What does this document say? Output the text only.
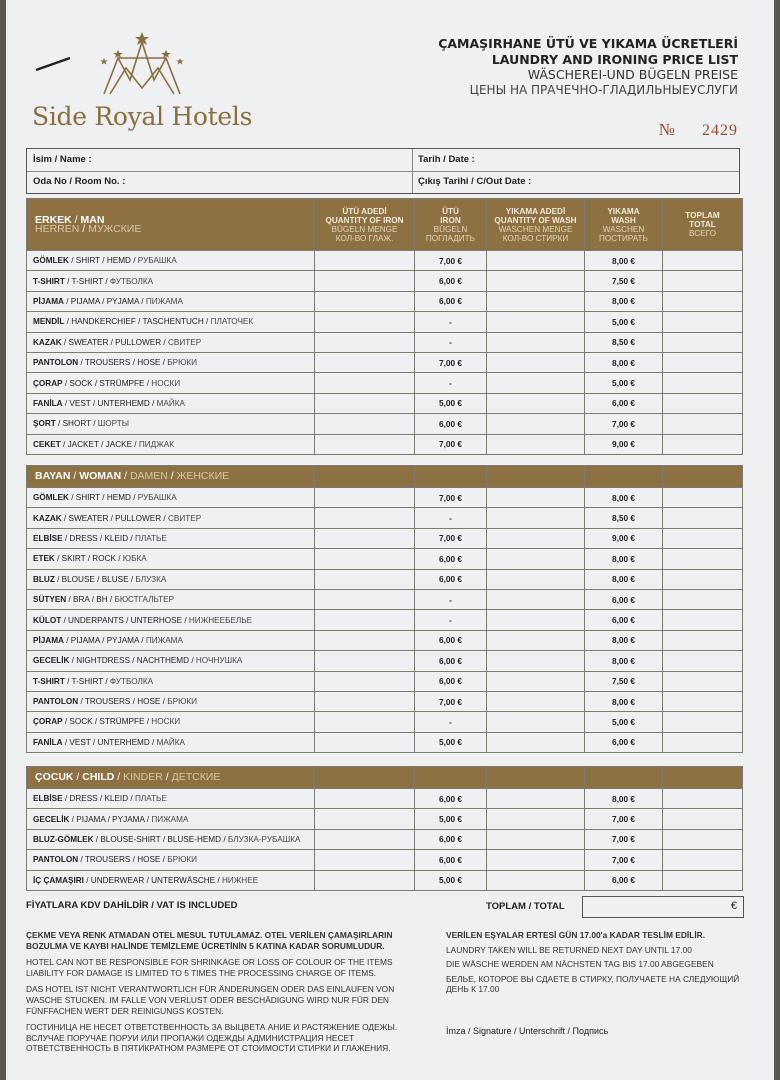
Side Royal Hotels
ÇAMAŞIRHANE ÜTÜ VE YIKAMA ÜCRETLERİ
LAUNDRY AND IRONING PRICE LIST
WÄSCHEREI-UND BÜGELN PREISE
ЦЕНЫ НА ПРАЧЕЧНО-ГЛАДИЛЬНЫЕУСЛУГИ
№ 2429
İsim / Name :	Tarih / Date :
Oda No / Room No. :	Çıkış Tarihi / C/Out Date :
ERKEK / MAN
HERREN / МУЖСКИЕ	ÜTÜ ADEDİ
QUANTITY OF IRON
BÜGELN MENGE
КОЛ-ВО ГЛАЖ.	ÜTÜ
IRON
BÜGELN
ПОГЛАДИТЬ	YIKAMA ADEDİ
QUANTITY OF WASH
WASCHEN MENGE
КОЛ-ВО СТИРКИ	YIKAMA
WASH
WASCHEN
ПОСТИРАТЬ	TOPLAM
TOTAL
ВСЕГО
GÖMLEK / SHIRT / HEMD / РУБАШКА		7,00 €		8,00 €	
T-SHIRT / T-SHIRT / ФУТБОЛКА		6,00 €		7,50 €	
PİJAMA / PIJAMA / PYJAMA / ПИЖАМА		6,00 €		8,00 €	
MENDİL / HANDKERCHIEF / TASCHENTUCH / ПЛАТОЧЕК		-		5,00 €	
KAZAK / SWEATER / PULLOWER / СВИТЕР		-		8,50 €	
PANTOLON / TROUSERS / HOSE / БРЮКИ		7,00 €		8,00 €	
ÇORAP / SOCK / STRÜMPFE / НОСКИ		-		5,00 €	
FANİLA / VEST / UNTERHEMD / МАЙКА		5,00 €		6,00 €	
ŞORT / SHORT / ШОРТЫ		6,00 €		7,00 €	
CEKET / JACKET / JACKE / ПИДЖАК		7,00 €		9,00 €	
BAYAN / WOMAN / DAMEN / ЖЕНСКИЕ					
GÖMLEK / SHIRT / HEMD / РУБАШКА		7,00 €		8,00 €	
KAZAK / SWEATER / PULLOWER / СВИТЕР		-		8,50 €	
ELBİSE / DRESS / KLEID / ПЛАТЬЕ		7,00 €		9,00 €	
ETEK / SKIRT / ROCK / ЮБКА		6,00 €		8,00 €	
BLUZ / BLOUSE / BLUSE / БЛУЗКА		6,00 €		8,00 €	
SÜTYEN / BRA / BH / БЮСТГАЛЬТЕР		-		6,00 €	
KÜLOT / UNDERPANTS / UNTERHOSE / НИЖНЕЕБЕЛЬЕ		-		6,00 €	
PİJAMA / PIJAMA / PYJAMA / ПИЖАМА		6,00 €		8,00 €	
GECELİK / NIGHTDRESS / NACHTHEMD / НОЧНУШКА		6,00 €		8,00 €	
T-SHIRT / T-SHIRT / ФУТБОЛКА		6,00 €		7,50 €	
PANTOLON / TROUSERS / HOSE / БРЮКИ		7,00 €		8,00 €	
ÇORAP / SOCK / STRÜMPFE / НОСКИ		-		5,00 €	
FANİLA / VEST / UNTERHEMD / МАЙКА		5,00 €		6,00 €	
ÇOCUK / CHILD / KINDER / ДЕТСКИЕ					
ELBİSE / DRESS / KLEID / ПЛАТЬЕ		6,00 €		8,00 €	
GECELİK / PIJAMA / PYJAMA / ПИЖАМА		5,00 €		7,00 €	
BLUZ-GÖMLEK / BLOUSE-SHIRT / BLUSE-HEMD / БЛУЗКА-РУБАШКА		6,00 €		7,00 €	
PANTOLON / TROUSERS / HOSE / БРЮКИ		6,00 €		7,00 €	
İÇ ÇAMAŞIRI / UNDERWEAR / UNTERWÄSCHE / НИЖНЕЕ		5,00 €		6,00 €	
FİYATLARA KDV DAHİLDİR / VAT IS INCLUDED	TOPLAM / TOTAL	€

ÇEKME VEYA RENK ATMADAN OTEL MESUL TUTULAMAZ. OTEL VERİLEN ÇAMAŞIRLARIN BOZULMA VE KAYBI HALİNDE TEMİZLEME ÜCRETİNİN 5 KATINA KADAR SORUMLUDUR.

HOTEL CAN NOT BE RESPONSIBLE FOR SHRINKAGE OR LOSS OF COLOUR OF THE ITEMS LIABILITY FOR DAMAGE IS LIMITED TO 5 TIMES THE PROCESSING CHARGE OF ITEMS.

DAS HOTEL IST NICHT VERANTWORTLICH FÜR ÄNDERUNGEN ODER DAS EINLAUFEN VON WASCHE STUCKEN. IM FALLE VON VERLUST ODER BESCHÄDIGUNG WIRD NUR FÜR DEN FÜNFFACHEN WERT DER REINIGUNGS KOSTEN.

ГОСТИНИЦА НЕ НЕСЕТ ОТВЕТСТВЕННОСТЬ ЗА ВЫЦВЕТА АНИЕ И РАСТЯЖЕНИЕ ОДЕЖЫ. ВСЛУЧАЕ ПОРУЧАЕ ПОРУИ ИЛИ ПРОПАЖИ ОДЕЖДЫ АДМИНИСТРАЦИЯ НЕСЕТ ОТВЕТСТВЕННОСТЬ В ПЯТИКРАТНОМ РАЗМЕРЕ ОТ СТОИМОСТИ СТИРКИ И ГЛАЖЕНИЯ.

VERİLEN EŞYALAR ERTESİ GÜN 17.00'a KADAR TESLİM EDİLİR.

LAUNDRY TAKEN WILL BE RETURNED NEXT DAY UNTIL 17.00

DIE WÄSCHE WERDEN AM NÄCHSTEN TAG BIS 17.00 ABGEGEBEN

БЕЛЬЕ, КОТОРОЕ ВЫ СДАЕТЕ В СТИРКУ, ПОЛУЧАЕТЕ НА СЛЕДУЮЩИЙ ДЕНЬ К 17.00

İmza / Signature / Unterschrift / Подпись
